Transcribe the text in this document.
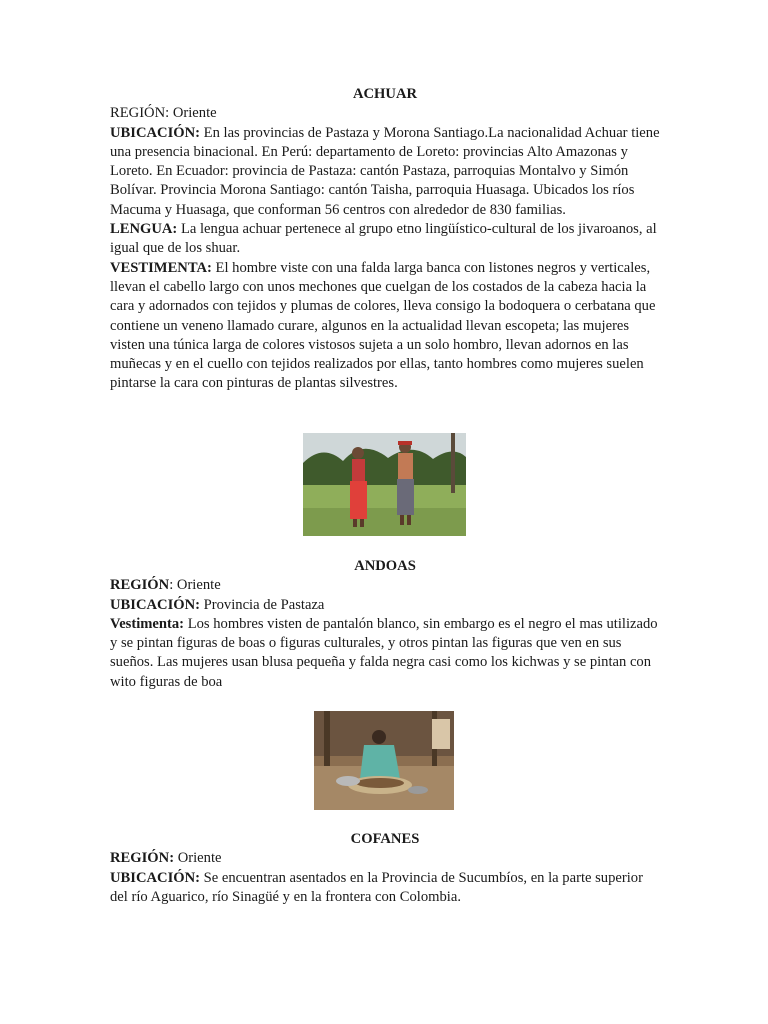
ACHUAR

REGIÓN: Oriente

UBICACIÓN: En las provincias de Pastaza y Morona Santiago.La nacionalidad Achuar tiene una presencia binacional. En Perú: departamento de Loreto: provincias Alto Amazonas y Loreto. En Ecuador: provincia de Pastaza: cantón Pastaza, parroquias Montalvo y Simón Bolívar. Provincia Morona Santiago: cantón Taisha, parroquia Huasaga. Ubicados los ríos Macuma y Huasaga, que conforman 56 centros con alrededor de 830 familias.

LENGUA: La lengua achuar pertenece al grupo etno lingüístico-cultural de los jivaroanos, al igual que de los shuar.

VESTIMENTA: El hombre viste con una falda larga banca con listones negros y verticales, llevan el cabello largo con unos mechones que cuelgan de los costados de la cabeza hacia la cara y adornados con tejidos y plumas de colores, lleva consigo la bodoquera o cerbatana que contiene un veneno llamado curare, algunos en la actualidad llevan escopeta; las mujeres visten una túnica larga de colores vistosos sujeta a un solo hombro, llevan adornos en las muñecas y en el cuello con tejidos realizados por ellas, tanto hombres como mujeres suelen pintarse la cara con pinturas de plantas silvestres.

ANDOAS

REGIÓN: Oriente

UBICACIÓN: Provincia de Pastaza

Vestimenta: Los hombres visten de pantalón blanco, sin embargo es el negro el mas utilizado y se pintan figuras de boas o figuras culturales, y otros pintan las figuras que ven en sus sueños. Las mujeres usan blusa pequeña y falda negra casi como los kichwas y se pintan con wito figuras de boa

COFANES

REGIÓN: Oriente

UBICACIÓN: Se encuentran asentados en la Provincia de Sucumbíos, en la parte superior del río Aguarico, río Sinagüé y en la frontera con Colombia.
